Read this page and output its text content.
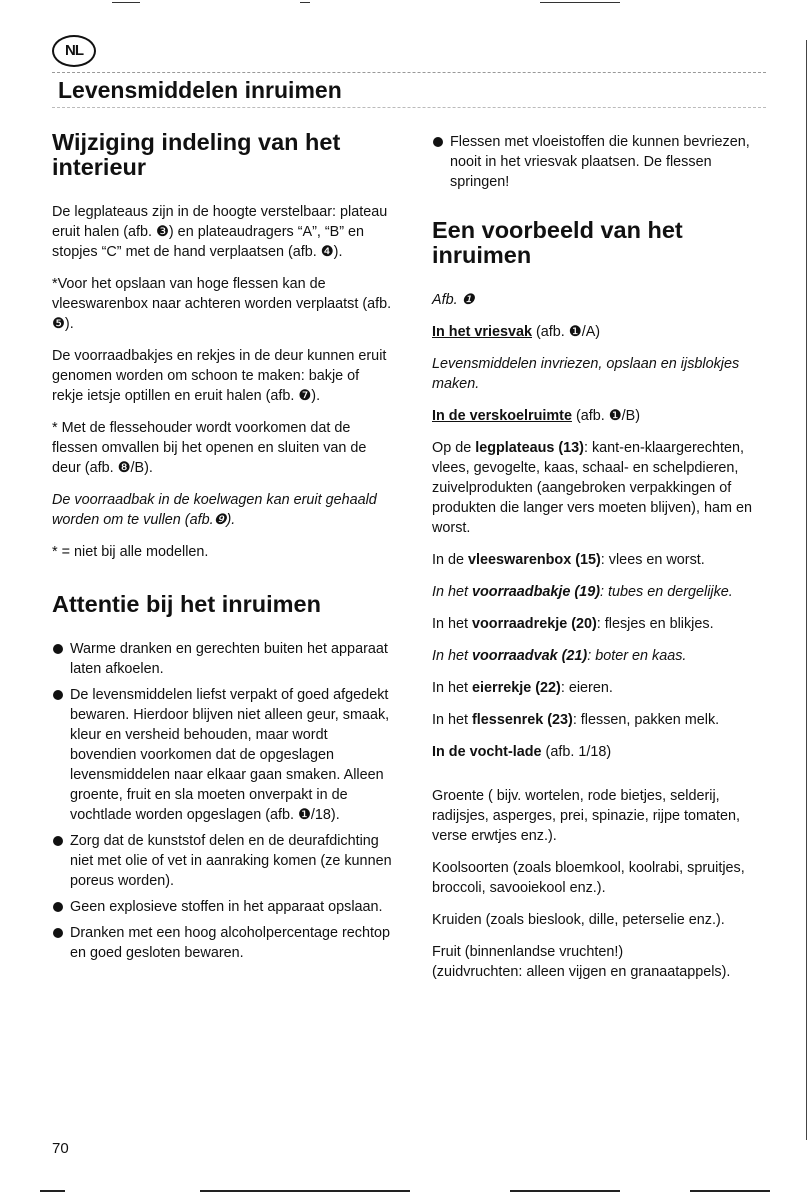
NL
Levensmiddelen inruimen
Wijziging indeling van het interieur

De legplateaus zijn in de hoogte verstelbaar: plateau eruit halen (afb. ❸) en plateaudragers “A”, “B” en stopjes “C” met de hand verplaatsen (afb. ❹).

*Voor het opslaan van hoge flessen kan de vleeswarenbox naar achteren worden verplaatst (afb. ❺).

De voorraadbakjes en rekjes in de deur kunnen eruit genomen worden om schoon te maken: bakje of rekje ietsje optillen en eruit halen (afb. ❼).

* Met de flessehouder wordt voorkomen dat de flessen omvallen bij het openen en sluiten van de deur (afb. ❽/B).

De voorraadbak in de koelwagen kan eruit gehaald worden om te vullen (afb.❾).

* = niet bij alle modellen.

Attentie bij het inruimen
Warme dranken en gerechten buiten het apparaat laten afkoelen.
De levensmiddelen liefst verpakt of goed afgedekt bewaren. Hierdoor blijven niet alleen geur, smaak, kleur en versheid behouden, maar wordt bovendien voorkomen dat de opgeslagen levensmiddelen naar elkaar gaan smaken. Alleen groente, fruit en sla moeten onverpakt in de vochtlade worden opgeslagen (afb. ❶/18).
Zorg dat de kunststof delen en de deurafdichting niet met olie of vet in aanraking komen (ze kunnen poreus worden).
Geen explosieve stoffen in het apparaat opslaan.
Dranken met een hoog alcoholpercentage rechtop en goed gesloten bewaren.
Flessen met vloeistoffen die kunnen bevriezen, nooit in het vriesvak plaatsen. De flessen springen!
Een voorbeeld van het inruimen

Afb. ❶

In het vriesvak (afb. ❶/A)

Levensmiddelen invriezen, opslaan en ijsblokjes maken.

In de verskoelruimte (afb. ❶/B)

Op de legplateaus (13): kant-en-klaargerechten, vlees, gevogelte, kaas, schaal- en schelpdieren, zuivelprodukten (aangebroken verpakkingen of produkten die langer vers moeten blijven), ham en worst.

In de vleeswarenbox (15): vlees en worst.

In het voorraadbakje (19): tubes en dergelijke.

In het voorraadrekje (20): flesjes en blikjes.

In het voorraadvak (21): boter en kaas.

In het eierrekje (22): eieren.

In het flessenrek (23): flessen, pakken melk.

In de vocht-lade (afb. 1/18)

Groente ( bijv. wortelen, rode bietjes, selderij, radijsjes, asperges, prei, spinazie, rijpe tomaten, verse erwtjes enz.).

Koolsoorten (zoals bloemkool, koolrabi, spruitjes, broccoli, savooiekool enz.).

Kruiden (zoals bieslook, dille, peterselie enz.).

Fruit (binnenlandse vruchten!)

(zuidvruchten: alleen vijgen en granaatappels).

70
